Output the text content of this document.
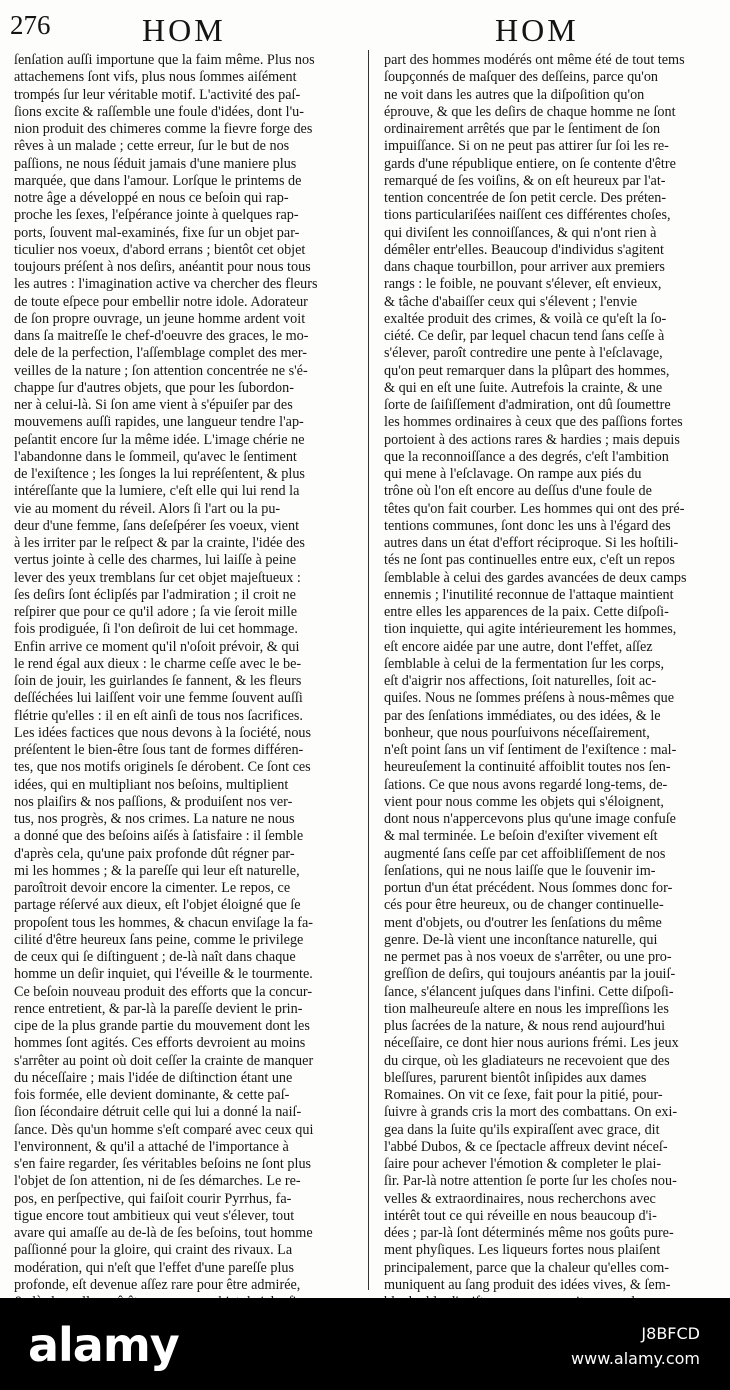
276	HOM	HOM
ſenſation auſſi importune que la faim même. Plus nos
attachemens ſont vifs, plus nous ſommes aiſément
trompés ſur leur véritable motif. L'activité des paſ-
ſions excite & raſſemble une foule d'idées, dont l'u-
nion produit des chimeres comme la fievre forge des
rêves à un malade ; cette erreur, ſur le but de nos
paſſions, ne nous ſéduit jamais d'une maniere plus
marquée, que dans l'amour. Lorſque le printems de
notre âge a développé en nous ce beſoin qui rap-
proche les ſexes, l'eſpérance jointe à quelques rap-
ports, ſouvent mal-examinés, fixe ſur un objet par-
ticulier nos voeux, d'abord errans ; bientôt cet objet
toujours préſent à nos deſirs, anéantit pour nous tous
les autres : l'imagination active va chercher des fleurs
de toute eſpece pour embellir notre idole. Adorateur
de ſon propre ouvrage, un jeune homme ardent voit
dans ſa maitreſſe le chef-d'oeuvre des graces, le mo-
dele de la perfection, l'aſſemblage complet des mer-
veilles de la nature ; ſon attention concentrée ne s'é-
chappe ſur d'autres objets, que pour les ſubordon-
ner à celui-là. Si ſon ame vient à s'épuiſer par des
mouvemens auſſi rapides, une langueur tendre l'ap-
peſantit encore ſur la même idée. L'image chérie ne
l'abandonne dans le ſommeil, qu'avec le ſentiment
de l'exiſtence ; les ſonges la lui repréſentent, & plus
intéreſſante que la lumiere, c'eſt elle qui lui rend la
vie au moment du réveil. Alors ſi l'art ou la pu-
deur d'une femme, ſans deſeſpérer ſes voeux, vient
à les irriter par le reſpect & par la crainte, l'idée des
vertus jointe à celle des charmes, lui laiſſe à peine
lever des yeux tremblans ſur cet objet majeſtueux :
ſes deſirs ſont éclipſés par l'admiration ; il croit ne
reſpirer que pour ce qu'il adore ; ſa vie ſeroit mille
fois prodiguée, ſi l'on deſiroit de lui cet hommage.
Enfin arrive ce moment qu'il n'oſoit prévoir, & qui
le rend égal aux dieux : le charme ceſſe avec le be-
ſoin de jouir, les guirlandes ſe fannent, & les fleurs
deſſéchées lui laiſſent voir une femme ſouvent auſſi
flétrie qu'elles : il en eſt ainſi de tous nos ſacrifices.
Les idées factices que nous devons à la ſociété, nous
préſentent le bien-être ſous tant de formes différen-
tes, que nos motifs originels ſe dérobent. Ce ſont ces
idées, qui en multipliant nos beſoins, multiplient
nos plaiſirs & nos paſſions, & produiſent nos ver-
tus, nos progrès, & nos crimes. La nature ne nous
a donné que des beſoins aiſés à ſatisfaire : il ſemble
d'après cela, qu'une paix profonde dût régner par-
mi les hommes ; & la pareſſe qui leur eſt naturelle,
paroîtroit devoir encore la cimenter. Le repos, ce
partage réſervé aux dieux, eſt l'objet éloigné que ſe
propoſent tous les hommes, & chacun enviſage la fa-
cilité d'être heureux ſans peine, comme le privilege
de ceux qui ſe diſtinguent ; de-là naît dans chaque
homme un deſir inquiet, qui l'éveille & le tourmente.
Ce beſoin nouveau produit des efforts que la concur-
rence entretient, & par-là la pareſſe devient le prin-
cipe de la plus grande partie du mouvement dont les
hommes ſont agités. Ces efforts devroient au moins
s'arrêter au point où doit ceſſer la crainte de manquer
du néceſſaire ; mais l'idée de diſtinction étant une
fois formée, elle devient dominante, & cette paſ-
ſion ſécondaire détruit celle qui lui a donné la naiſ-
ſance. Dès qu'un homme s'eſt comparé avec ceux qui
l'environnent, & qu'il a attaché de l'importance à
s'en faire regarder, ſes véritables beſoins ne ſont plus
l'objet de ſon attention, ni de ſes démarches. Le re-
pos, en perſpective, qui faiſoit courir Pyrrhus, fa-
tigue encore tout ambitieux qui veut s'élever, tout
avare qui amaſſe au de-là de ſes beſoins, tout homme
paſſionné pour la gloire, qui craint des rivaux. La
modération, qui n'eſt que l'effet d'une pareſſe plus
profonde, eſt devenue aſſez rare pour être admirée,
part des hommes modérés ont même été de tout tems
ſoupçonnés de maſquer des deſſeins, parce qu'on
ne voit dans les autres que la diſpoſition qu'on
éprouve, & que les deſirs de chaque homme ne ſont
ordinairement arrêtés que par le ſentiment de ſon
impuiſſance. Si on ne peut pas attirer ſur ſoi les re-
gards d'une république entiere, on ſe contente d'être
remarqué de ſes voiſins, & on eſt heureux par l'at-
tention concentrée de ſon petit cercle. Des préten-
tions particulariſées naiſſent ces différentes choſes,
qui diviſent les connoiſſances, & qui n'ont rien à
démêler entr'elles. Beaucoup d'individus s'agitent
dans chaque tourbillon, pour arriver aux premiers
rangs : le foible, ne pouvant s'élever, eſt envieux,
& tâche d'abaiſſer ceux qui s'élevent ; l'envie
exaltée produit des crimes, & voilà ce qu'eſt la ſo-
ciété. Ce deſir, par lequel chacun tend ſans ceſſe à
s'élever, paroît contredire une pente à l'eſclavage,
qu'on peut remarquer dans la plûpart des hommes,
& qui en eſt une ſuite. Autrefois la crainte, & une
ſorte de ſaiſiſſement d'admiration, ont dû ſoumettre
les hommes ordinaires à ceux que des paſſions fortes
portoient à des actions rares & hardies ; mais depuis
que la reconnoiſſance a des degrés, c'eſt l'ambition
qui mene à l'eſclavage. On rampe aux piés du
trône où l'on eſt encore au deſſus d'une foule de
têtes qu'on fait courber. Les hommes qui ont des pré-
tentions communes, ſont donc les uns à l'égard des
autres dans un état d'effort réciproque. Si les hoſtili-
tés ne ſont pas continuelles entre eux, c'eſt un repos
ſemblable à celui des gardes avancées de deux camps
ennemis ; l'inutilité reconnue de l'attaque maintient
entre elles les apparences de la paix. Cette diſpoſi-
tion inquiette, qui agite intérieurement les hommes,
eſt encore aidée par une autre, dont l'effet, aſſez
ſemblable à celui de la fermentation ſur les corps,
eſt d'aigrir nos affections, ſoit naturelles, ſoit ac-
quiſes. Nous ne ſommes préſens à nous-mêmes que
par des ſenſations immédiates, ou des idées, & le
bonheur, que nous pourſuivons néceſſairement,
n'eſt point ſans un vif ſentiment de l'exiſtence : mal-
heureuſement la continuité affoiblit toutes nos ſen-
ſations. Ce que nous avons regardé long-tems, de-
vient pour nous comme les objets qui s'éloignent,
dont nous n'appercevons plus qu'une image confuſe
& mal terminée. Le beſoin d'exiſter vivement eſt
augmenté ſans ceſſe par cet affoibliſſement de nos
ſenſations, qui ne nous laiſſe que le ſouvenir im-
portun d'un état précédent. Nous ſommes donc for-
cés pour être heureux, ou de changer continuelle-
ment d'objets, ou d'outrer les ſenſations du même
genre. De-là vient une inconſtance naturelle, qui
ne permet pas à nos voeux de s'arrêter, ou une pro-
greſſion de deſirs, qui toujours anéantis par la jouiſ-
ſance, s'élancent juſques dans l'infini. Cette diſpoſi-
tion malheureuſe altere en nous les impreſſions les
plus ſacrées de la nature, & nous rend aujourd'hui
néceſſaire, ce dont hier nous aurions frémi. Les jeux
du cirque, où les gladiateurs ne recevoient que des
bleſſures, parurent bientôt inſipides aux dames
Romaines. On vit ce ſexe, fait pour la pitié, pour-
ſuivre à grands cris la mort des combattans. On exi-
gea dans la ſuite qu'ils expiraſſent avec grace, dit
l'abbé Dubos, & ce ſpectacle affreux devint néceſ-
ſaire pour achever l'émotion & completer le plai-
ſir. Par-là notre attention ſe porte ſur les choſes nou-
velles & extraordinaires, nous recherchons avec
intérêt tout ce qui réveille en nous beaucoup d'i-
dées ; par-là ſont déterminés même nos goûts pure-
ment phyſiques. Les liqueurs fortes nous plaiſent
principalement, parce que la chaleur qu'elles com-
muniquent au ſang produit des idées vives, & ſem-
alamy	J8BFCD
www.alamy.com
